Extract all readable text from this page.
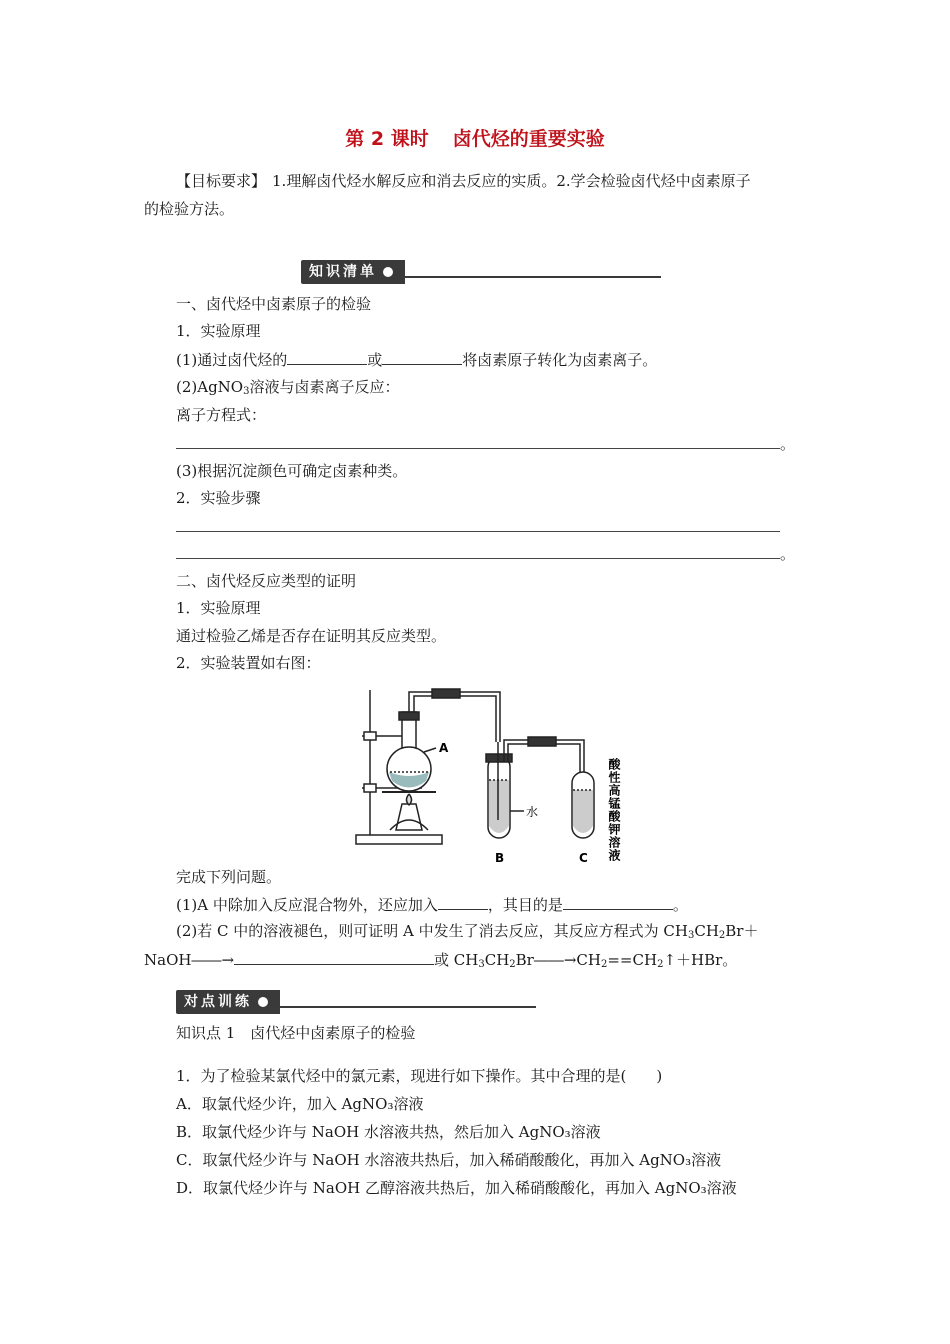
第 2 课时 卤代烃的重要实验
【目标要求】 1.理解卤代烃水解反应和消去反应的实质。2.学会检验卤代烃中卤素原子
的检验方法。
知识清单
一、卤代烃中卤素原子的检验
1．实验原理
(1)通过卤代烃的	或	将卤素原子转化为卤素离子。
(2)AgNO$_3$溶液与卤素离子反应：
离子方程式：
。
(3)根据沉淀颜色可确定卤素种类。
2．实验步骤
。
二、卤代烃反应类型的证明
1．实验原理
通过检验乙烯是否存在证明其反应类型。
2．实验装置如右图：
A
水
B	C 酸性高锰酸钾溶液
完成下列问题。
(1)A 中除加入反应混合物外，还应加入	，其目的是	。
(2)若 C 中的溶液褪色，则可证明 A 中发生了消去反应，其反应方程式为 $CH_3CH_2Br+$
NaOH――→	或 $CH_3CH_2Br――\to CH_2==CH_2↑+HBr$。
对点训练
知识点 1　卤代烃中卤素原子的检验
1．为了检验某氯代烃中的氯元素，现进行如下操作。其中合理的是(　　)
A．取氯代烃少许，加入 AgNO₃溶液
B．取氯代烃少许与 NaOH 水溶液共热，然后加入 AgNO₃溶液
C．取氯代烃少许与 NaOH 水溶液共热后，加入稀硝酸酸化，再加入 AgNO₃溶液
D．取氯代烃少许与 NaOH 乙醇溶液共热后，加入稀硝酸酸化，再加入 AgNO₃溶液
